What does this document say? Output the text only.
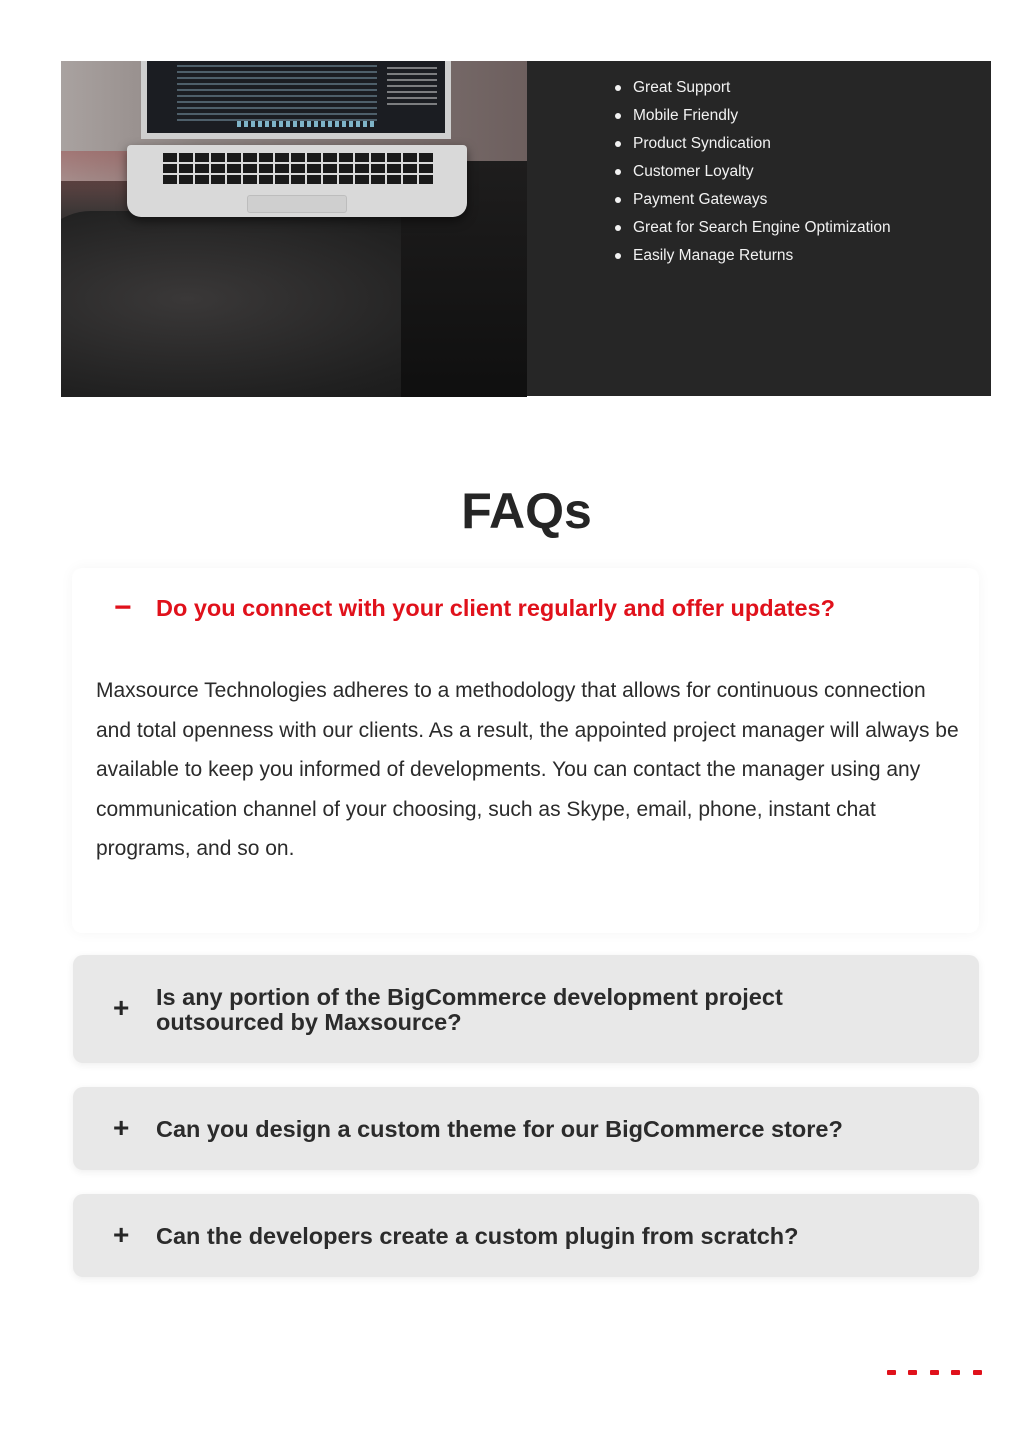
Great Support
Mobile Friendly
Product Syndication
Customer Loyalty
Payment Gateways
Great for Search Engine Optimization
Easily Manage Returns
FAQs
− Do you connect with your client regularly and offer updates?

Maxsource Technologies adheres to a methodology that allows for continuous connection and total openness with our clients. As a result, the appointed project manager will always be available to keep you informed of developments. You can contact the manager using any communication channel of your choosing, such as Skype, email, phone, instant chat programs, and so on.

+ Is any portion of the BigCommerce development project outsourced by Maxsource?
+ Can you design a custom theme for our BigCommerce store?
+ Can the developers create a custom plugin from scratch?
